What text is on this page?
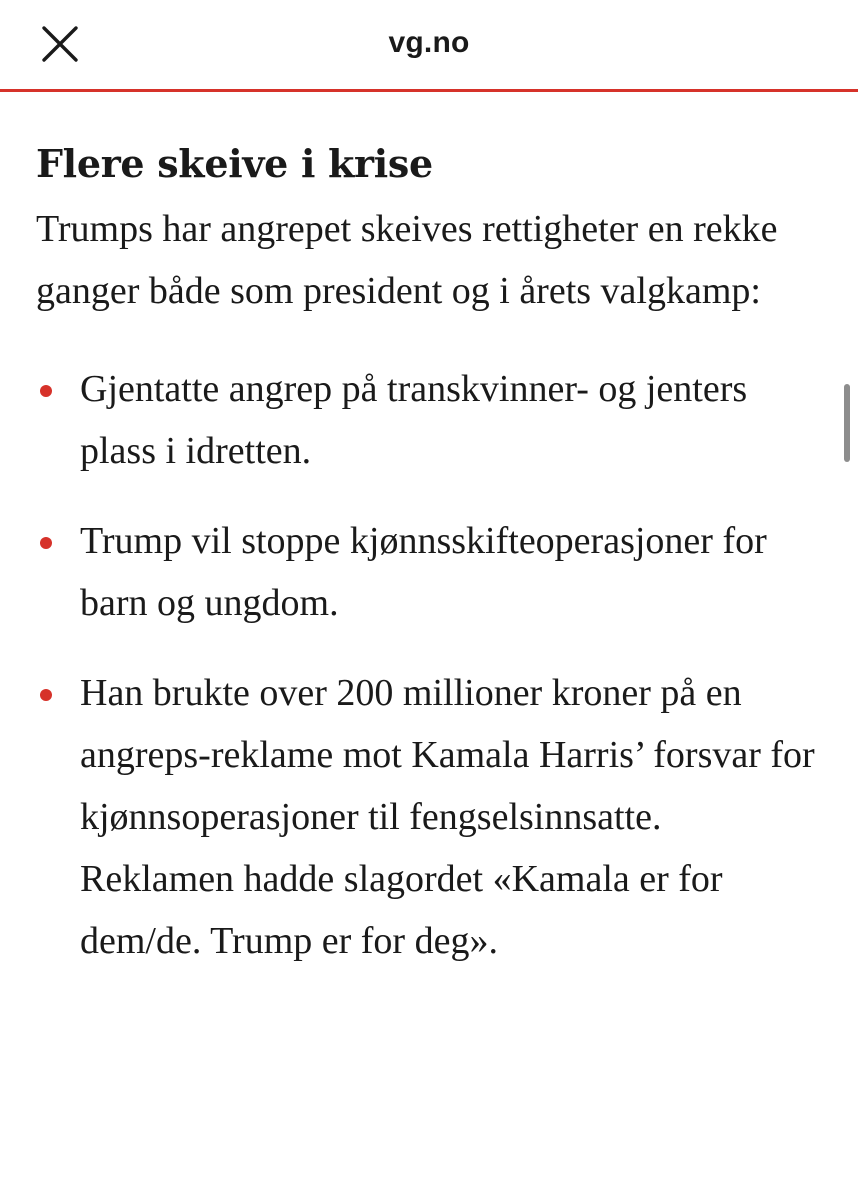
vg.no
Flere skeive i krise

Trumps har angrepet skeives rettigheter en rekke ganger både som president og i årets valgkamp:

Gjentatte angrep på transkvinner- og jenters plass i idretten.
Trump vil stoppe kjønnsskifteoperasjoner for barn og ungdom.
Han brukte over 200 millioner kroner på en angreps-reklame mot Kamala Harris’ forsvar for kjønnsoperasjoner til fengselsinnsatte. Reklamen hadde slagordet «Kamala er for dem/de. Trump er for deg».
